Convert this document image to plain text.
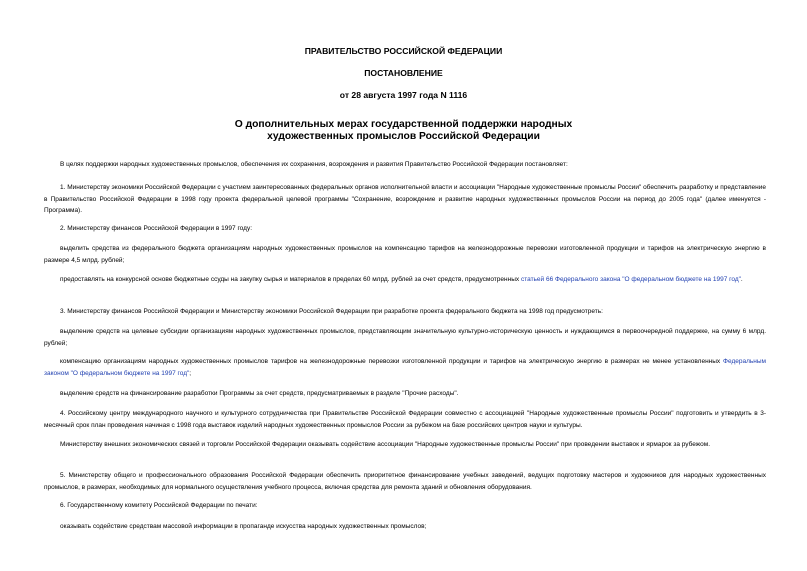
ПРАВИТЕЛЬСТВО РОССИЙСКОЙ ФЕДЕРАЦИИ
ПОСТАНОВЛЕНИЕ
от 28 августа 1997 года N 1116
О дополнительных мерах государственной поддержки народных
художественных промыслов Российской Федерации

В целях поддержки народных художественных промыслов, обеспечения их сохранения, возрождения и развития Правительство Российской Федерации постановляет:

1. Министерству экономики Российской Федерации с участием заинтересованных федеральных органов исполнительной власти и ассоциации "Народные художественные промыслы России" обеспечить разработку и представление в Правительство Российской Федерации в 1998 году проекта федеральной целевой программы "Сохранение, возрождение и развитие народных художественных промыслов России на период до 2005 года" (далее именуется - Программа).

2. Министерству финансов Российской Федерации в 1997 году:

выделить средства из федерального бюджета организациям народных художественных промыслов на компенсацию тарифов на железнодорожные перевозки изготовленной продукции и тарифов на электрическую энергию в размере 4,5 млрд. рублей;

предоставлять на конкурсной основе бюджетные ссуды на закупку сырья и материалов в пределах 60 млрд. рублей за счет средств, предусмотренных статьей 66 Федерального закона "О федеральном бюджете на 1997 год".

3. Министерству финансов Российской Федерации и Министерству экономики Российской Федерации при разработке проекта федерального бюджета на 1998 год предусмотреть:

выделение средств на целевые субсидии организациям народных художественных промыслов, представляющим значительную культурно-историческую ценность и нуждающимся в первоочередной поддержке, на сумму 6 млрд. рублей;

компенсацию организациям народных художественных промыслов тарифов на железнодорожные перевозки изготовленной продукции и тарифов на электрическую энергию в размерах не менее установленных Федеральным законом "О федеральном бюджете на 1997 год";

выделение средств на финансирование разработки Программы за счет средств, предусматриваемых в разделе "Прочие расходы".

4. Российскому центру международного научного и культурного сотрудничества при Правительстве Российской Федерации совместно с ассоциацией "Народные художественные промыслы России" подготовить и утвердить в 3-месячный срок план проведения начиная с 1998 года выставок изделий народных художественных промыслов России за рубежом на базе российских центров науки и культуры.

Министерству внешних экономических связей и торговли Российской Федерации оказывать содействие ассоциации "Народные художественные промыслы России" при проведении выставок и ярмарок за рубежом.

5. Министерству общего и профессионального образования Российской Федерации обеспечить приоритетное финансирование учебных заведений, ведущих подготовку мастеров и художников для народных художественных промыслов, в размерах, необходимых для нормального осуществления учебного процесса, включая средства для ремонта зданий и обновления оборудования.

6. Государственному комитету Российской Федерации по печати:

оказывать содействие средствам массовой информации в пропаганде искусства народных художественных промыслов;
